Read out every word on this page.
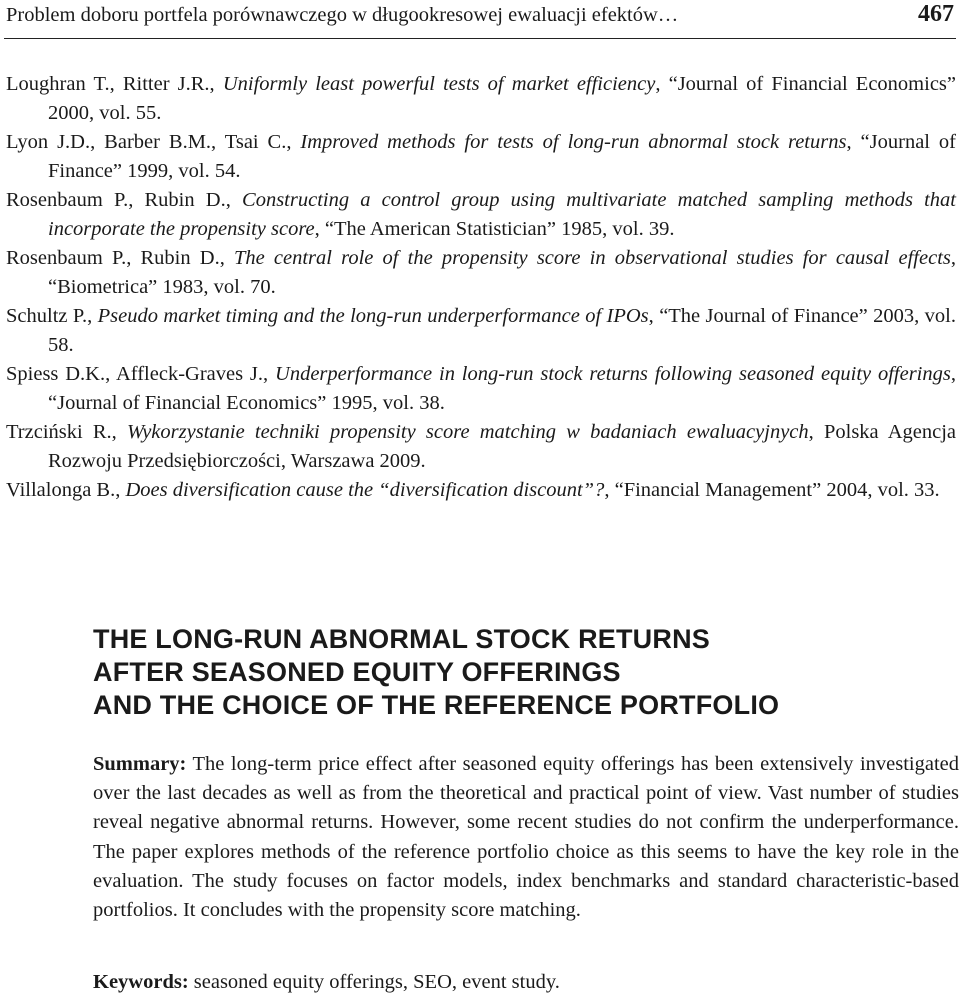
Problem doboru portfela porównawczego w długookresowej ewaluacji efektów…	467

Loughran T., Ritter J.R., Uniformly least powerful tests of market efficiency, “Journal of Financial Economics” 2000, vol. 55.

Lyon J.D., Barber B.M., Tsai C., Improved methods for tests of long-run abnormal stock returns, “Journal of Finance” 1999, vol. 54.

Rosenbaum P., Rubin D., Constructing a control group using multivariate matched sampling methods that incorporate the propensity score, “The American Statistician” 1985, vol. 39.

Rosenbaum P., Rubin D., The central role of the propensity score in observational studies for causal effects, “Biometrica” 1983, vol. 70.

Schultz P., Pseudo market timing and the long-run underperformance of IPOs, “The Journal of Finance” 2003, vol. 58.

Spiess D.K., Affleck-Graves J., Underperformance in long-run stock returns following seasoned equity offerings, “Journal of Financial Economics” 1995, vol. 38.

Trzciński R., Wykorzystanie techniki propensity score matching w badaniach ewaluacyjnych, Polska Agencja Rozwoju Przedsiębiorczości, Warszawa 2009.

Villalonga B., Does diversification cause the “diversification discount”?, “Financial Management” 2004, vol. 33.

THE LONG-RUN ABNORMAL STOCK RETURNS
AFTER SEASONED EQUITY OFFERINGS
AND THE CHOICE OF THE REFERENCE PORTFOLIO

Summary: The long-term price effect after seasoned equity offerings has been extensively investigated over the last decades as well as from the theoretical and practical point of view. Vast number of studies reveal negative abnormal returns. However, some recent studies do not confirm the underperformance. The paper explores methods of the reference portfolio choice as this seems to have the key role in the evaluation. The study focuses on factor models, index benchmarks and standard characteristic-based portfolios. It concludes with the propensity score matching.

Keywords: seasoned equity offerings, SEO, event study.
